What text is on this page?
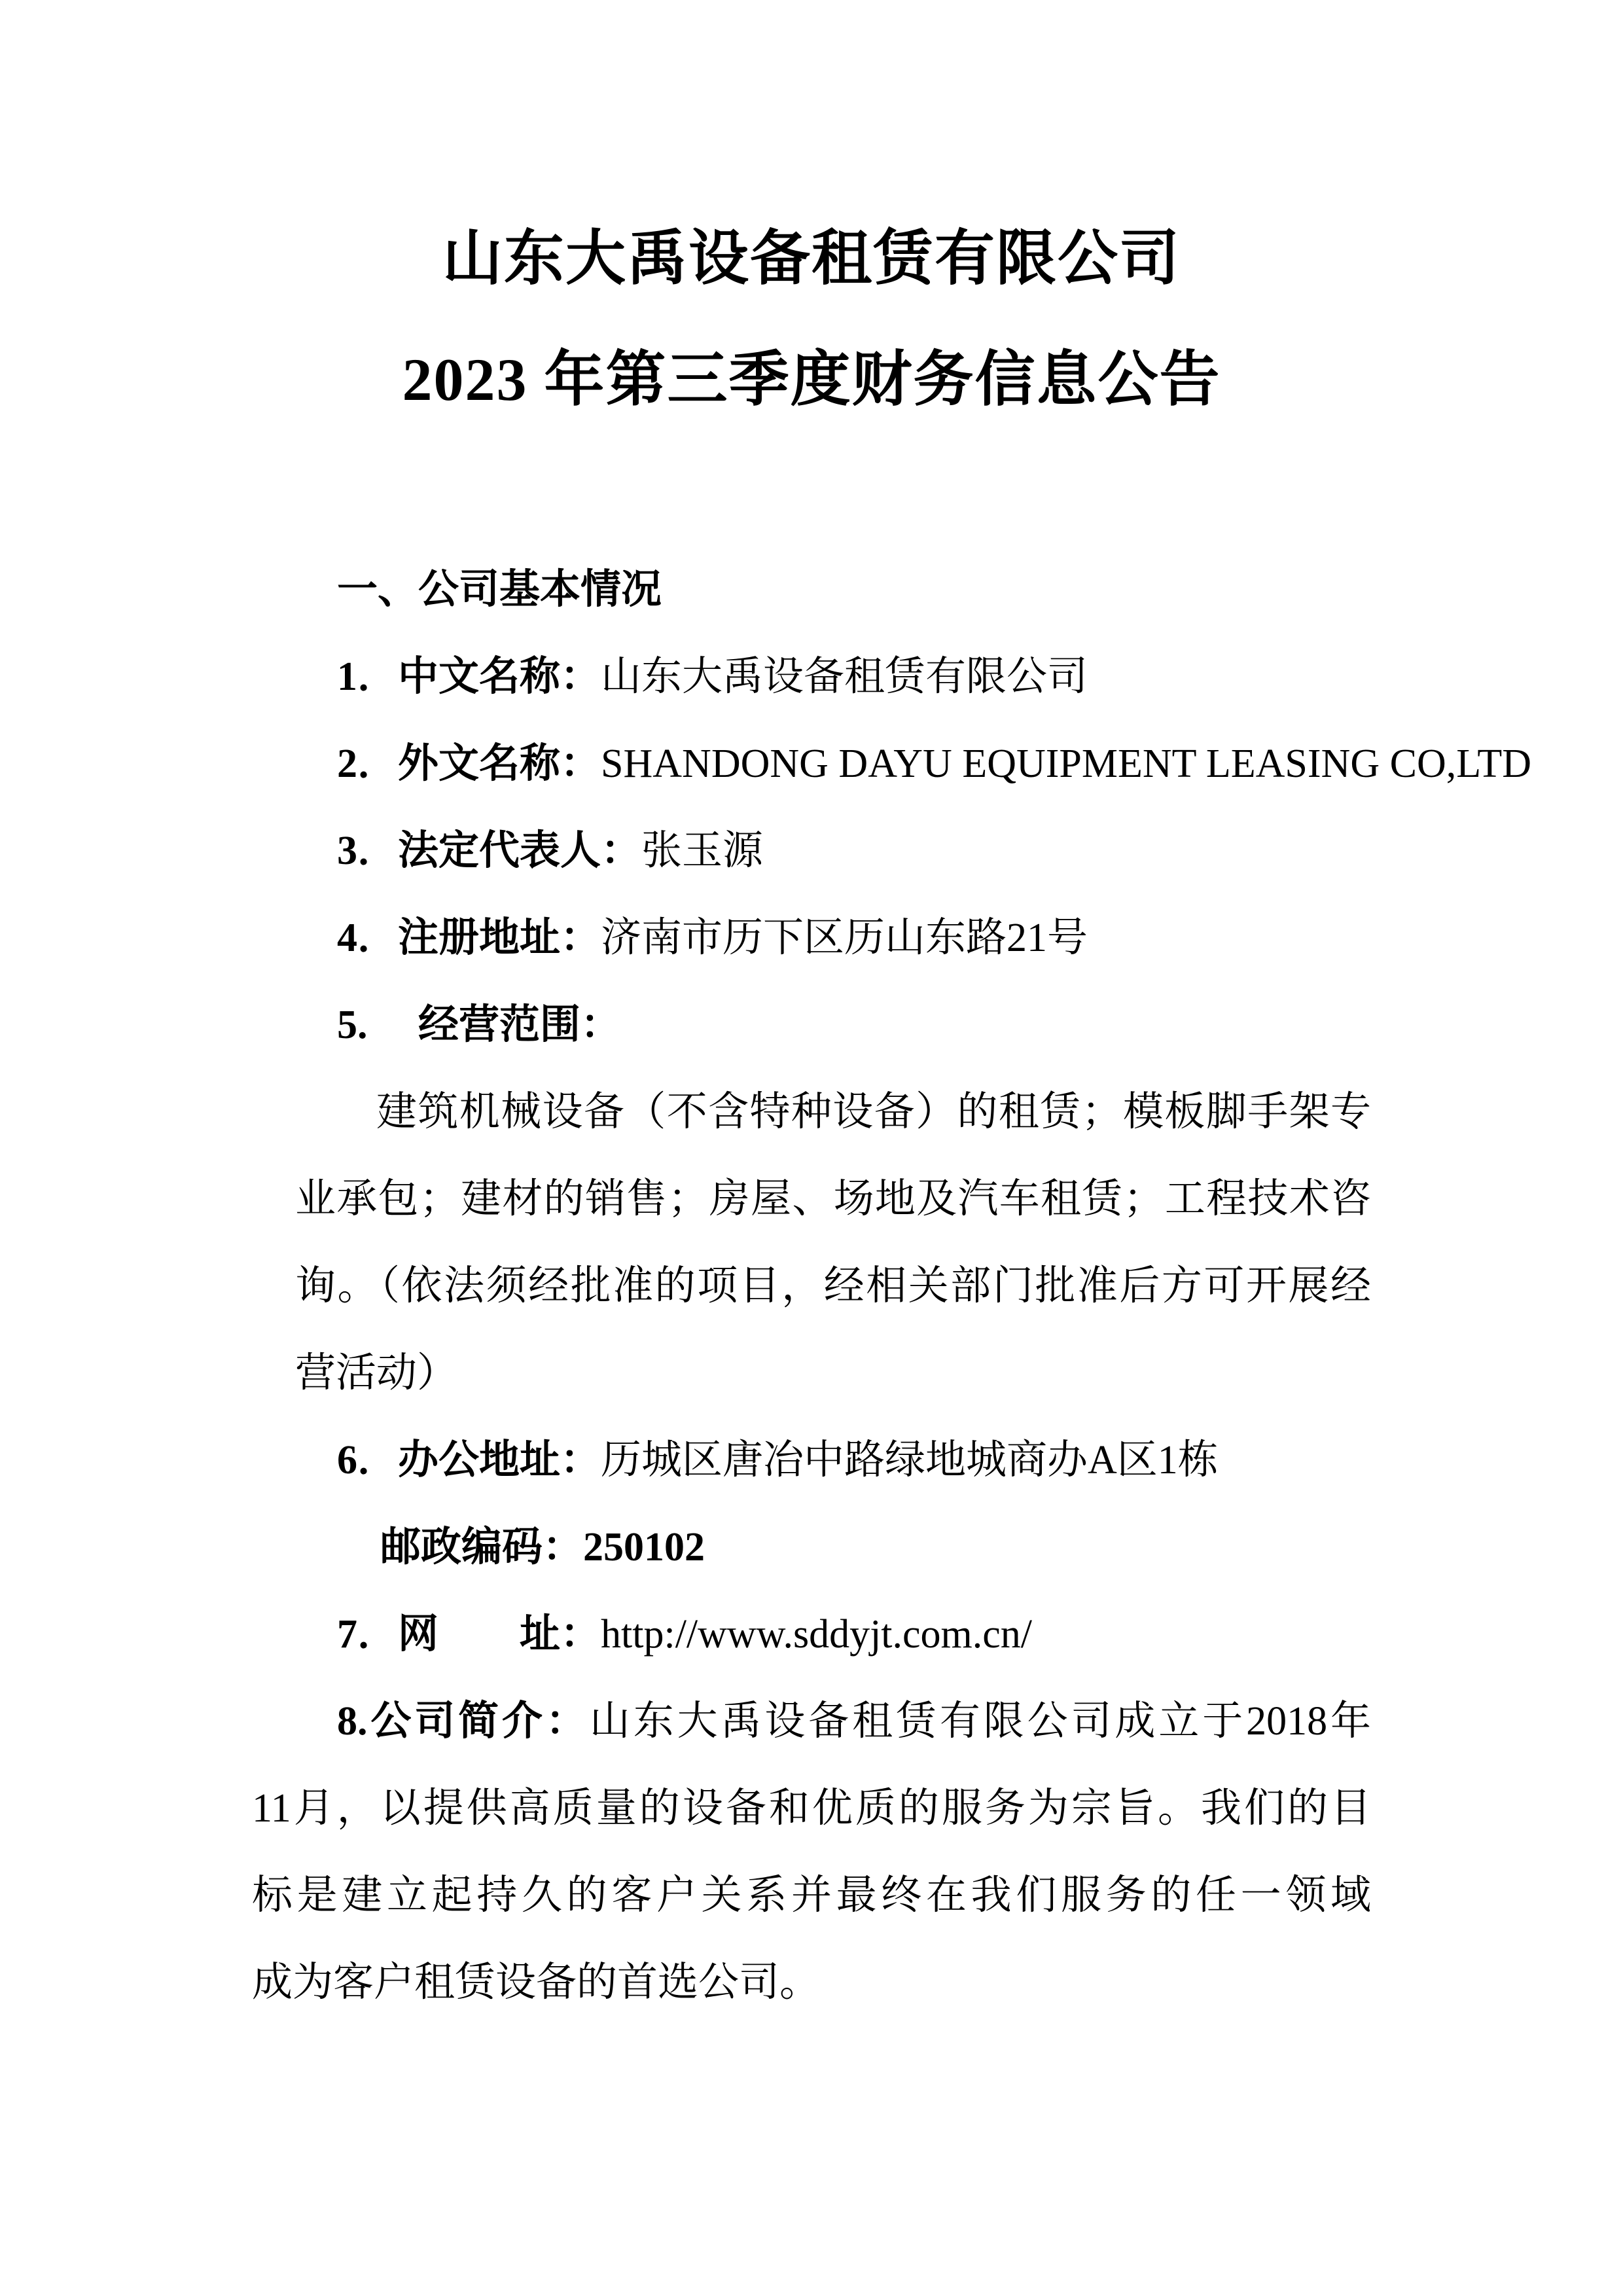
山东大禹设备租赁有限公司
2023 年第三季度财务信息公告
一、公司基本情况
1．中文名称：山东大禹设备租赁有限公司
2．外文名称：SHANDONG DAYU EQUIPMENT LEASING CO,LTD
3．法定代表人：张玉源
4．注册地址：济南市历下区历山东路21号
5.　 经营范围：
建筑机械设备（不含特种设备）的租赁；模板脚手架专
业承包；建材的销售；房屋、场地及汽车租赁；工程技术咨
询。（依法须经批准的项目，经相关部门批准后方可开展经
营活动）
6．办公地址：历城区唐冶中路绿地城商办A区1栋
邮政编码：250102
7．网　　址：http://www.sddyjt.com.cn/
8.公司简介：山东大禹设备租赁有限公司成立于2018年
11月，以提供高质量的设备和优质的服务为宗旨。我们的目
标是建立起持久的客户关系并最终在我们服务的任一领域
成为客户租赁设备的首选公司。
